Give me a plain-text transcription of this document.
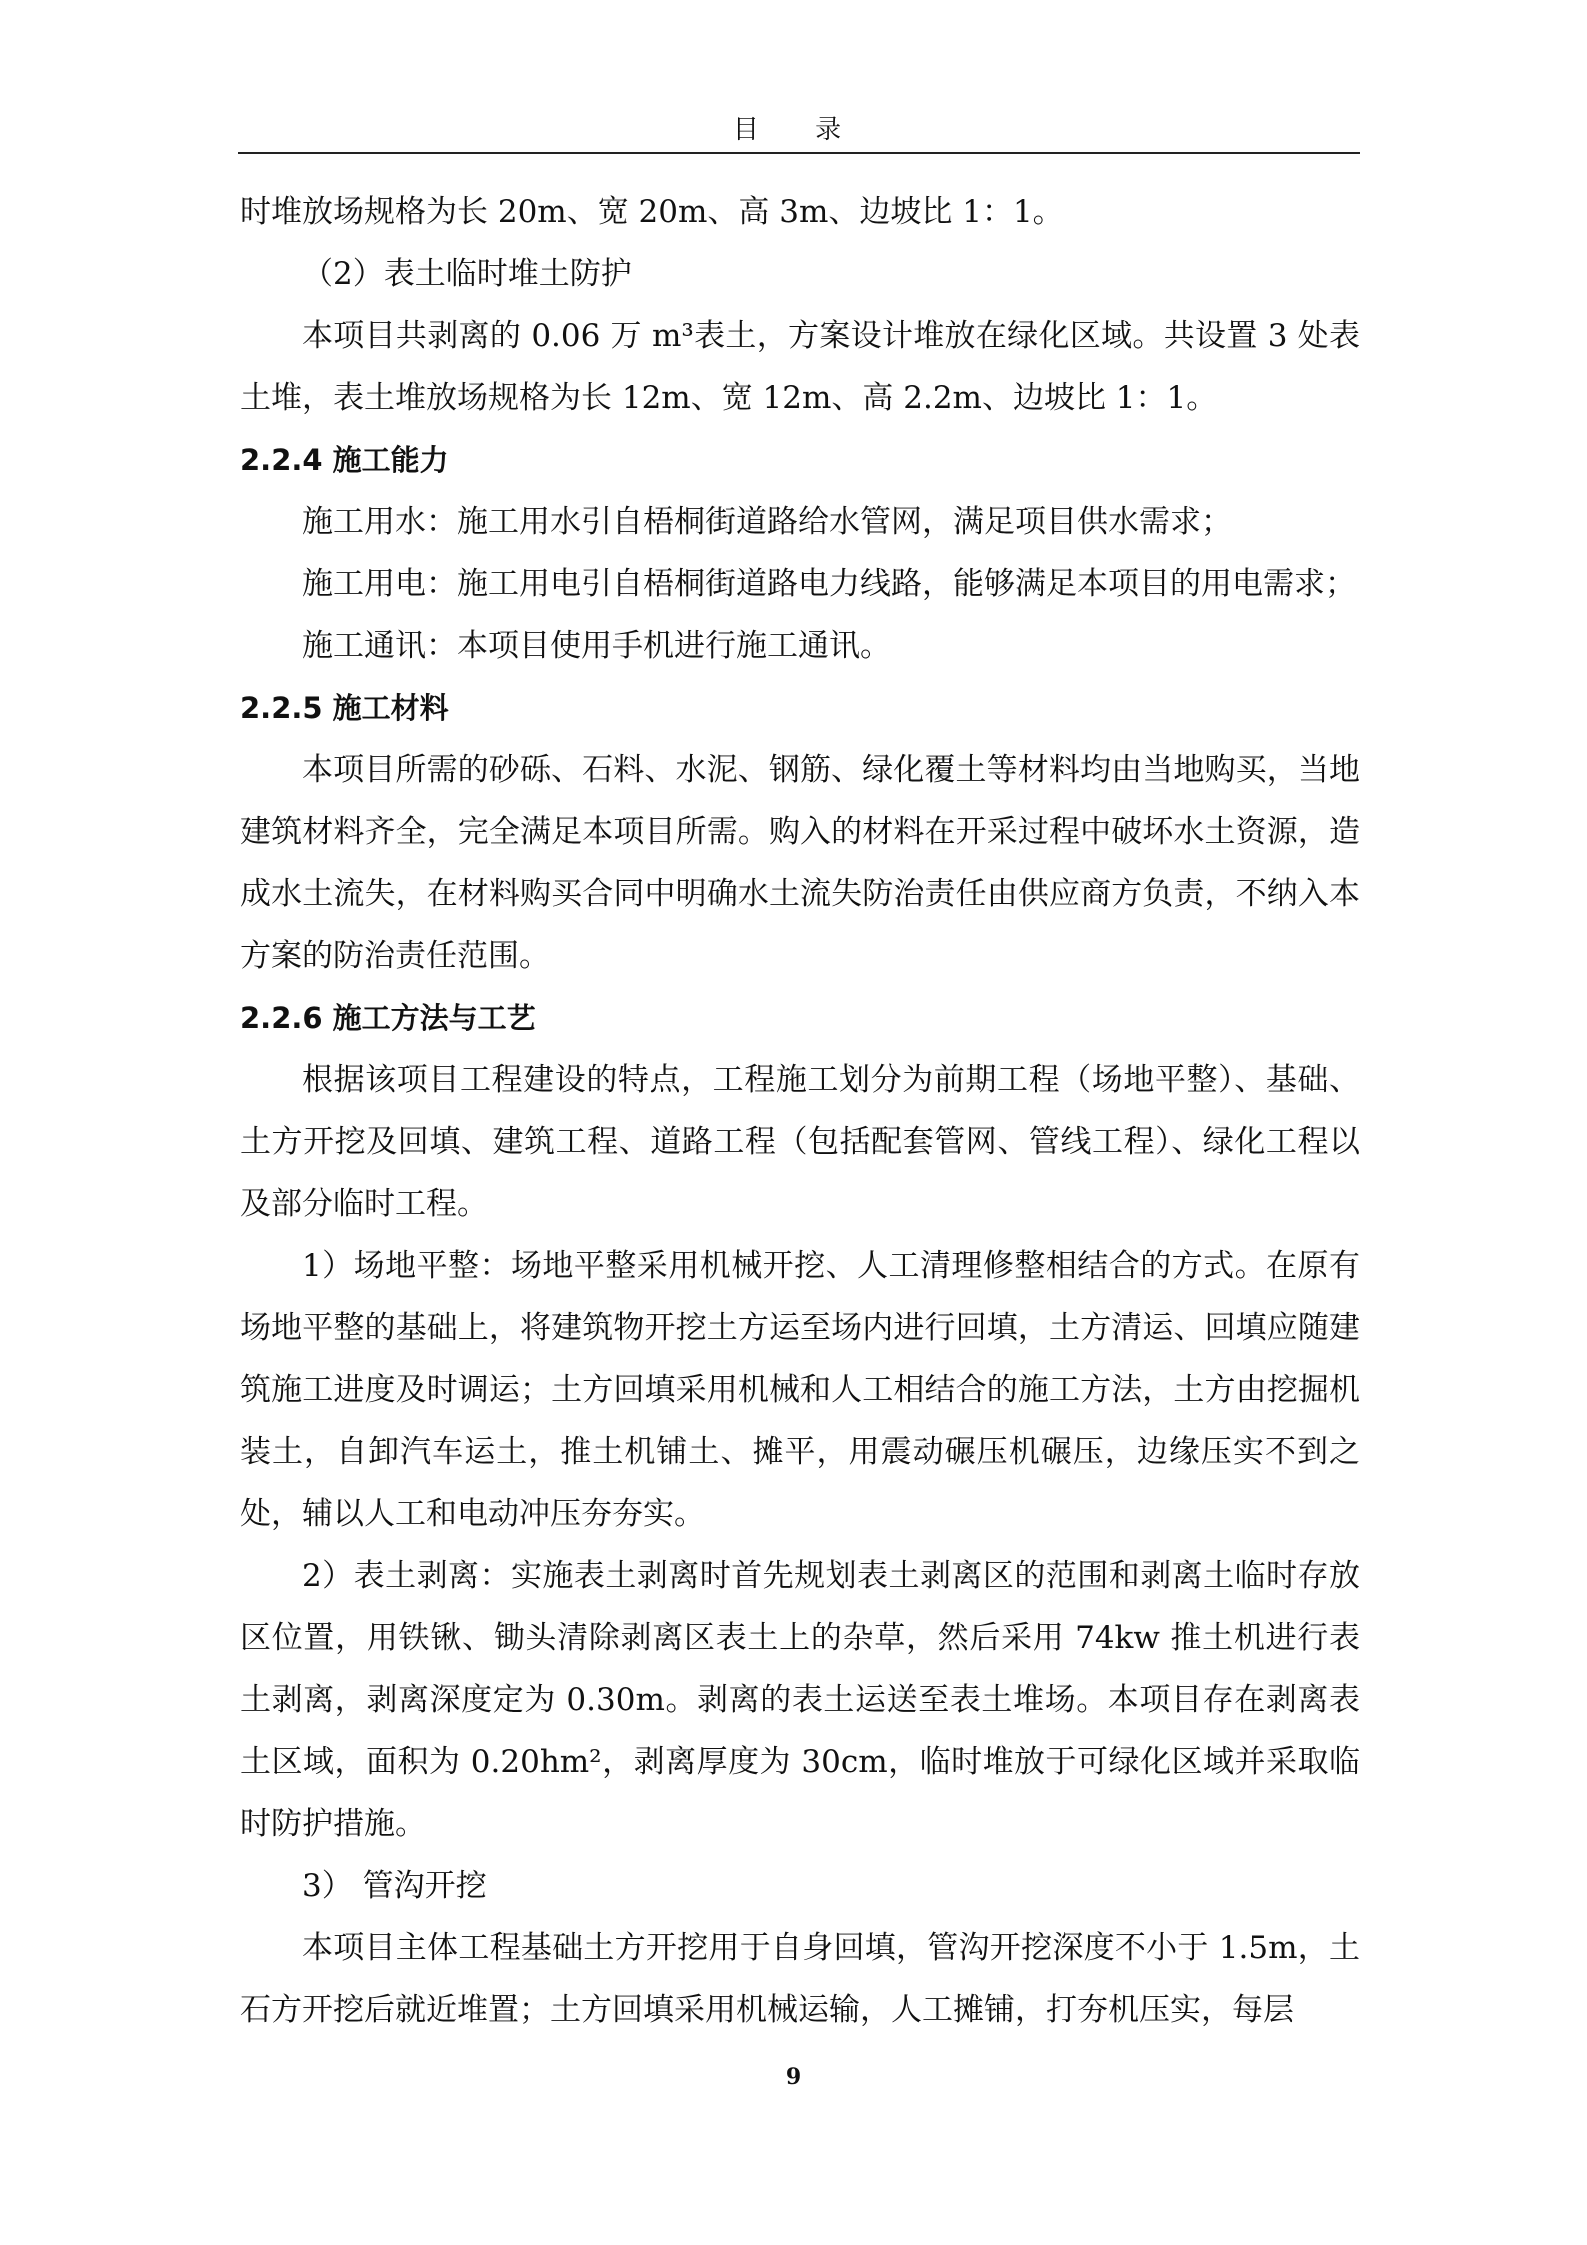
目 录

时堆放场规格为长 20m、宽 20m、高 3m、边坡比 1：1。

（2）表土临时堆土防护

本项目共剥离的 0.06 万 m³表土，方案设计堆放在绿化区域。共设置 3 处表土堆，表土堆放场规格为长 12m、宽 12m、高 2.2m、边坡比 1：1。

2.2.4 施工能力

施工用水：施工用水引自梧桐街道路给水管网，满足项目供水需求；

施工用电：施工用电引自梧桐街道路电力线路，能够满足本项目的用电需求；

施工通讯：本项目使用手机进行施工通讯。

2.2.5 施工材料

本项目所需的砂砾、石料、水泥、钢筋、绿化覆土等材料均由当地购买，当地建筑材料齐全，完全满足本项目所需。购入的材料在开采过程中破坏水土资源，造成水土流失，在材料购买合同中明确水土流失防治责任由供应商方负责，不纳入本方案的防治责任范围。

2.2.6 施工方法与工艺

根据该项目工程建设的特点，工程施工划分为前期工程（场地平整）、基础、土方开挖及回填、建筑工程、道路工程（包括配套管网、管线工程）、绿化工程以及部分临时工程。

1）场地平整：场地平整采用机械开挖、人工清理修整相结合的方式。在原有场地平整的基础上，将建筑物开挖土方运至场内进行回填，土方清运、回填应随建筑施工进度及时调运；土方回填采用机械和人工相结合的施工方法，土方由挖掘机装土，自卸汽车运土，推土机铺土、摊平，用震动碾压机碾压，边缘压实不到之处，辅以人工和电动冲压夯夯实。

2）表土剥离：实施表土剥离时首先规划表土剥离区的范围和剥离土临时存放区位置，用铁锹、锄头清除剥离区表土上的杂草，然后采用 74kw 推土机进行表土剥离，剥离深度定为 0.30m。剥离的表土运送至表土堆场。本项目存在剥离表土区域，面积为 0.20hm²，剥离厚度为 30cm，临时堆放于可绿化区域并采取临时防护措施。

3） 管沟开挖

本项目主体工程基础土方开挖用于自身回填，管沟开挖深度不小于 1.5m，土石方开挖后就近堆置；土方回填采用机械运输，人工摊铺，打夯机压实，每层

9
